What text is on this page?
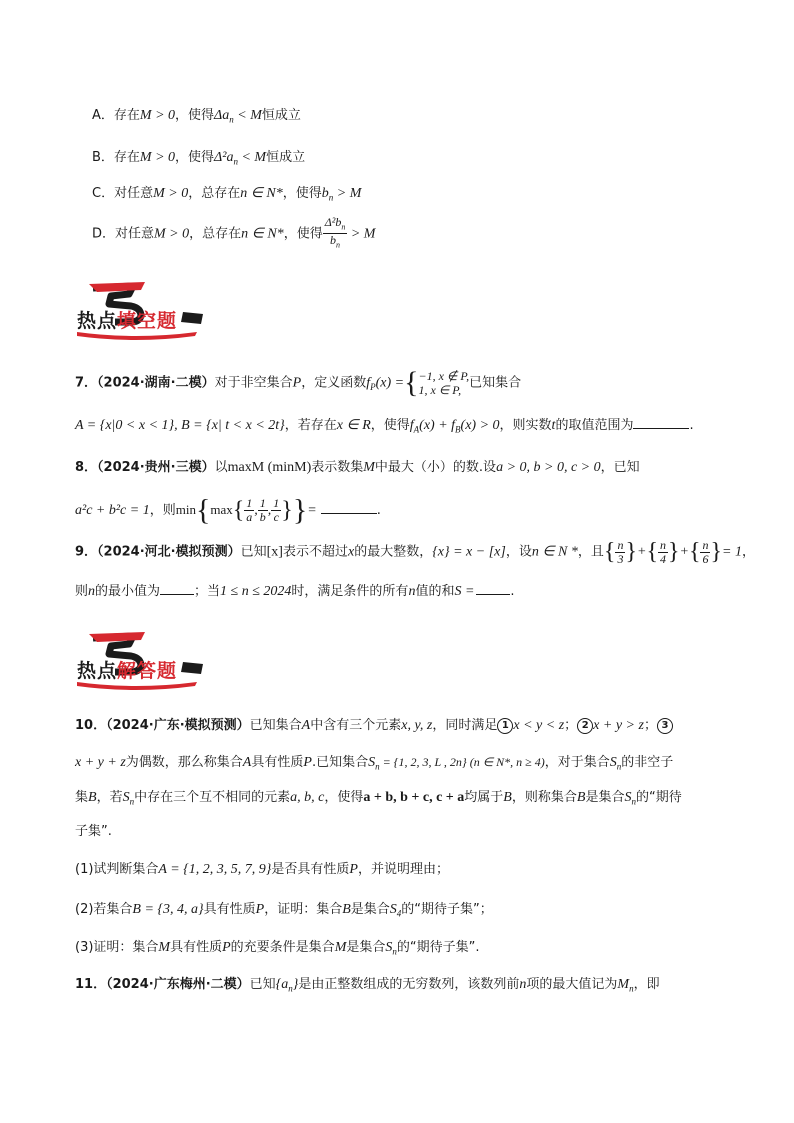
A．存在M > 0，使得$\Delta a_n < M$恒成立
B．存在M > 0，使得$\Delta^2a_n < M$恒成立
C．对任意M > 0，总存在n ∈ N*，使得$b_n > M$
D．对任意M > 0，总存在n ∈ N*，使得 $\frac{\Delta^2b_n}{b_n} > M$
热点填空题
7．（2024·湖南·二模）对于非空集合P，定义函数$f_P(x)$ ={ −1, x ∉ P,
1, x ∈ P, 已知集合
A = {x|0 < x < 1}, B = {x| t < x < 2t}，若存在x ∈ R，使得$f_A(x) + f_B(x) > 0$，则实数t的取值范围为	.
8．（2024·贵州·三模）以maxM (minM)表示数集M中最大（小）的数.设a > 0, b > 0, c > 0，已知
a²c + b²c = 1，则$\min\{\max\{ \frac{1}{a}$ , $\frac{1}{b}$ , $\frac{1}{c}$ }}=	.
9．（2024·河北·模拟预测）已知[x]表示不超过x的最大整数，{x} = x − [x]，设n ∈ N *，且{ $\frac{n}{3}$ }+{ $\frac{n}{4}$ }+{ $\frac{n}{6}$ }= 1，
则n的最小值为	；当1 ≤ n ≤ 2024时，满足条件的所有n值的和S =	.
热点解答题
10．（2024·广东·模拟预测）已知集合A中含有三个元素x, y, z，同时满足 1 x < y < z； 2 x + y > z； 3
x + y + z为偶数，那么称集合A具有性质P.已知集合$S_n = \{1$, 2, 3, L , 2n} (n ∈ N*, n ≥ 4)，对于集合$S_n$的非空子
集B，若$S_n$中存在三个互不相同的元素a, b, c，使得a + b, b + c, c + a均属于B，则称集合B是集合$S_n$的“期待
子集”.
(1)试判断集合A = {1, 2, 3, 5, 7, 9}是否具有性质P，并说明理由；
(2)若集合B = {3, 4, a}具有性质P，证明：集合B是集合$S_4$的“期待子集”；
(3)证明：集合M具有性质P的充要条件是集合M是集合$S_n$的“期待子集”.
11．（2024·广东梅州·二模）已知$\{a_n\}$是由正整数组成的无穷数列，该数列前n项的最大值记为$M_n$，即
